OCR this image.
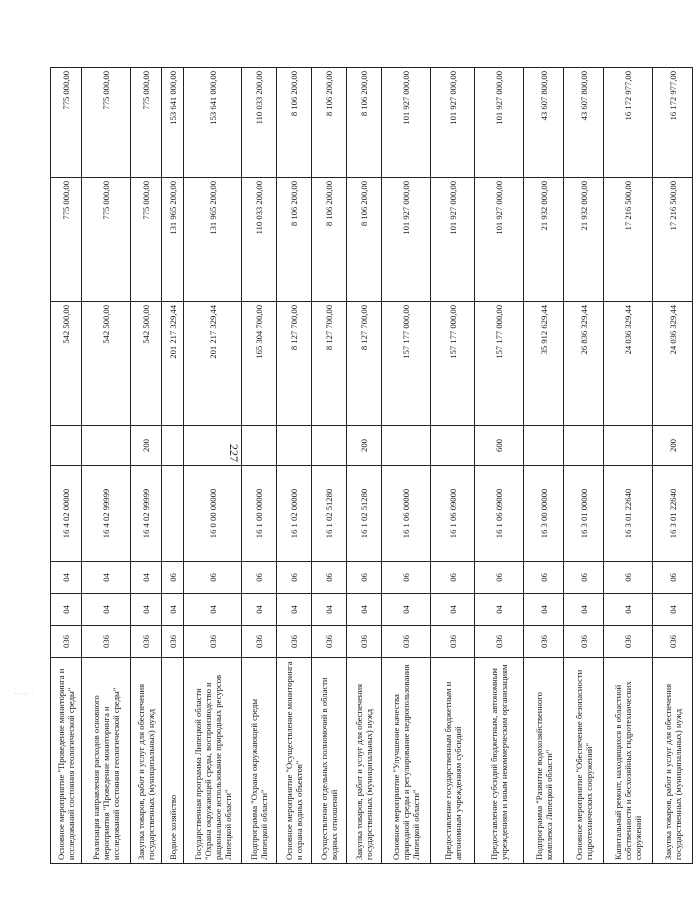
227
··· ·:· ·	Основное мероприятие "Проведение мониторинга и исследований состояния геологической среды"	036	04	04	16 4 02 00000		542 500,00	775 000,00	775 000,00
Реализация направления расходов основного мероприятия "Проведение мониторинга и исследований состояния геологической среды"	036	04	04	16 4 02 99999		542 500,00	775 000,00	775 000,00
Закупка товаров, работ и услуг для обеспечения государственных (муниципальных) нужд	036	04	04	16 4 02 99999	200	542 500,00	775 000,00	775 000,00
Водное хозяйство	036	04	06			201 217 329,44	131 965 200,00	153 641 000,00
Государственная программа Липецкой области "Охрана окружающей среды, воспроизводство и рациональное использование природных ресурсов Липецкой области"	036	04	06	16 0 00 00000		201 217 329,44	131 965 200,00	153 641 000,00
Подпрограмма "Охрана окружающей среды Липецкой области"	036	04	06	16 1 00 00000		165 304 700,00	110 033 200,00	110 033 200,00
Основное мероприятие "Осуществление мониторинга и охрана водных объектов"	036	04	06	16 1 02 00000		8 127 700,00	8 106 200,00	8 106 200,00
Осуществление отдельных полномочий в области водных отношений	036	04	06	16 1 02 51280		8 127 700,00	8 106 200,00	8 106 200,00
Закупка товаров, работ и услуг для обеспечения государственных (муниципальных) нужд	036	04	06	16 1 02 51280	200	8 127 700,00	8 106 200,00	8 106 200,00
Основное мероприятие "Улучшение качества природной среды и регулирование недропользования Липецкой области"	036	04	06	16 1 06 00000		157 177 000,00	101 927 000,00	101 927 000,00
Предоставление государственным бюджетным и автономным учреждениям субсидий	036	04	06	16 1 06 09000		157 177 000,00	101 927 000,00	101 927 000,00
Предоставление субсидий бюджетным, автономным учреждениям и иным некоммерческим организациям	036	04	06	16 1 06 09000	600	157 177 000,00	101 927 000,00	101 927 000,00
Подпрограмма "Развитие водохозяйственного комплекса Липецкой области"	036	04	06	16 3 00 00000		35 912 629,44	21 932 000,00	43 607 800,00
Основное мероприятие "Обеспечение безопасности гидротехнических сооружений"	036	04	06	16 3 01 00000		26 836 329,44	21 932 000,00	43 607 800,00
Капитальный ремонт, находящихся в областной собственности и бесхозяйных гидротехнических сооружений	036	04	06	16 3 01 22640		24 036 329,44	17 216 500,00	16 172 977,00
Закупка товаров, работ и услуг для обеспечения государственных (муниципальных) нужд	036	04	06	16 3 01 22640	200	24 036 329,44	17 216 500,00	16 172 977,00
